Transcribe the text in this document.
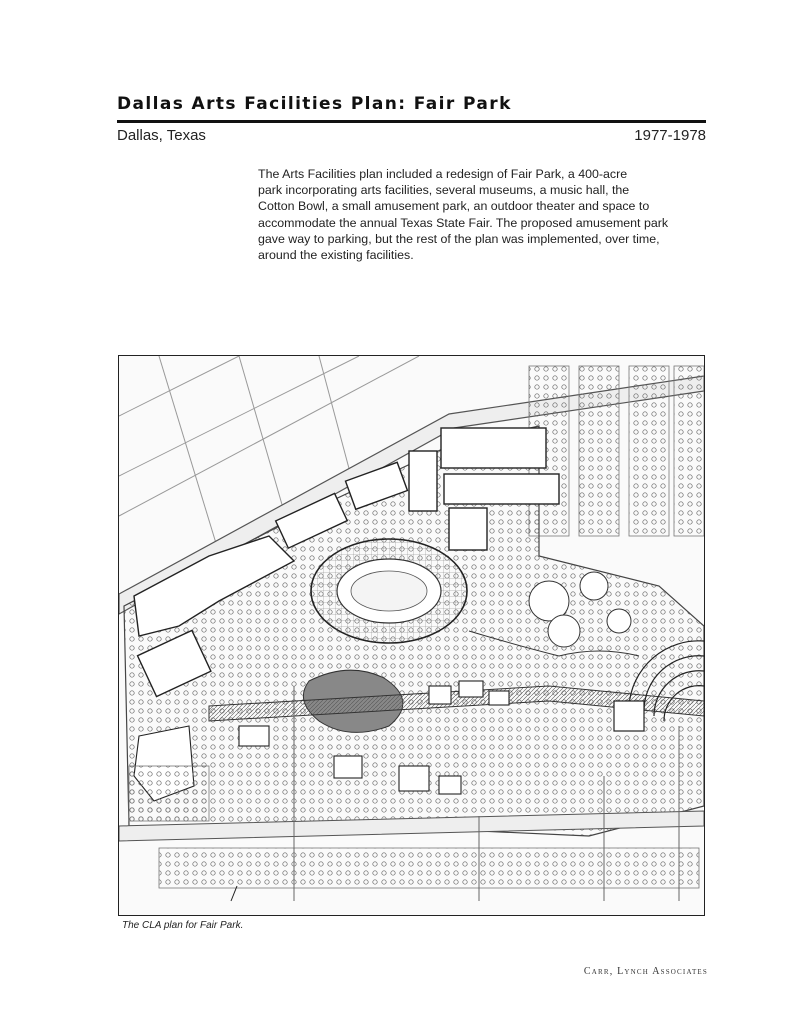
Dallas Arts Facilities Plan: Fair Park
Dallas, Texas	1977-1978

The Arts Facilities plan included a redesign of Fair Park, a 400-acre
park incorporating arts facilities, several museums, a music hall, the
Cotton Bowl, a small amusement park, an outdoor theater and space to
accommodate the annual Texas State Fair. The proposed amusement park
gave way to parking, but the rest of the plan was implemented, over time,
around the existing facilities.

The CLA plan for Fair Park.
Carr, Lynch Associates
